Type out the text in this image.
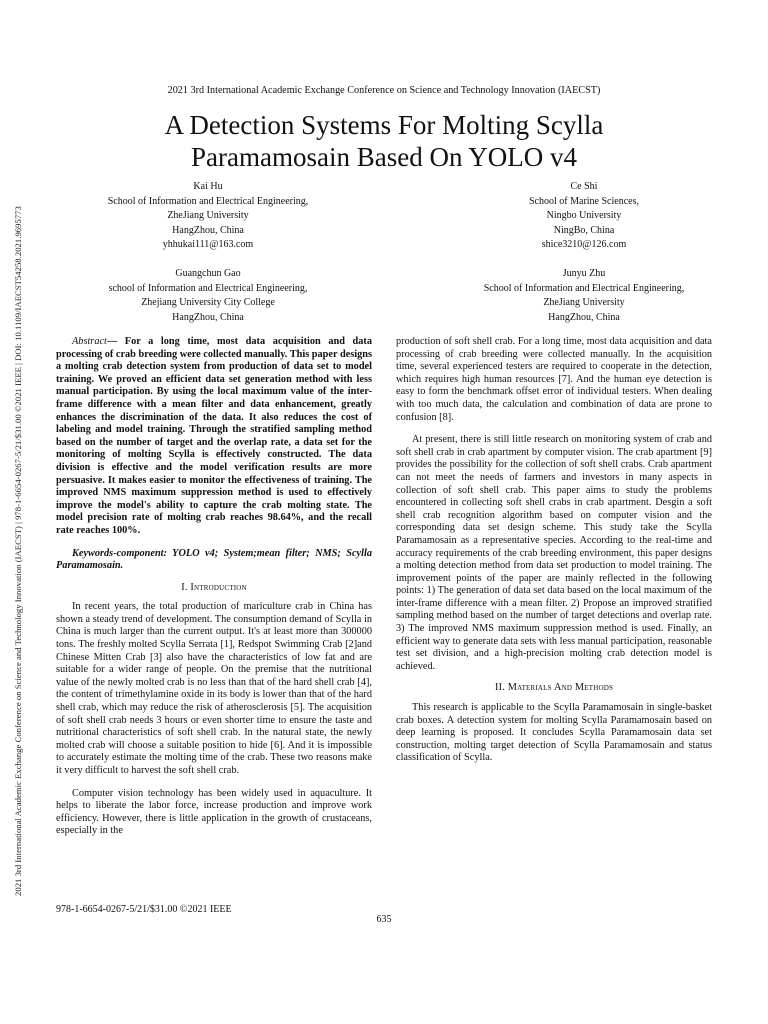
2021 3rd International Academic Exchange Conference on Science and Technology Innovation (IAECST) | 978-1-6654-0267-5/21/$31.00 ©2021 IEEE | DOI: 10.1109/IAECST54258.2021.9695773
2021 3rd International Academic Exchange Conference on Science and Technology Innovation (IAECST)
A Detection Systems For Molting Scylla
Paramamosain Based On YOLO v4
Kai Hu
School of Information and Electrical Engineering,
ZheJiang University
HangZhou, China
yhhukai111@163.com
Ce Shi
School of Marine Sciences,
Ningbo University
NingBo, China
shice3210@126.com
Guangchun Gao
school of Information and Electrical Engineering,
Zhejiang University City College
HangZhou, China
Junyu Zhu
School of Information and Electrical Engineering,
ZheJiang University
HangZhou, China

Abstract— For a long time, most data acquisition and data processing of crab breeding were collected manually. This paper designs a molting crab detection system from production of data set to model training. We proved an efficient data set generation method with less manual participation. By using the local maximum value of the inter-frame difference with a mean filter and data enhancement, greatly enhances the discrimination of the data. It also reduces the cost of labeling and model training. Through the stratified sampling method based on the number of target and the overlap rate, a data set for the monitoring of molting Scylla is effectively constructed. The data division is effective and the model verification results are more persuasive. It makes easier to monitor the effectiveness of training. The improved NMS maximum suppression method is used to effectively improve the model's ability to capture the crab molting state. The model precision rate of molting crab reaches 98.64%, and the recall rate reaches 100%.

Keywords-component: YOLO v4; System;mean filter; NMS; Scylla Paramamosain.

I. Introduction

In recent years, the total production of mariculture crab in China has shown a steady trend of development. The consumption demand of Scylla in China is much larger than the current output. It's at least more than 300000 tons. The freshly molted Scylla Serrata [1], Redspot Swimming Crab [2]and Chinese Mitten Crab [3] also have the characteristics of low fat and are suitable for a wider range of people. On the premise that the nutritional value of the newly molted crab is no less than that of the hard shell crab [4], the content of trimethylamine oxide in its body is lower than that of the hard shell crab, which may reduce the risk of atherosclerosis [5]. The acquisition of soft shell crab needs 3 hours or even shorter time to ensure the taste and nutritional characteristics of soft shell crab. In the natural state, the newly molted crab will choose a suitable position to hide [6]. And it is impossible to accurately estimate the molting time of the crab. These two reasons make it very difficult to harvest the soft shell crab.

Computer vision technology has been widely used in aquaculture. It helps to liberate the labor force, increase production and improve work efficiency. However, there is little application in the growth of crustaceans, especially in the

production of soft shell crab. For a long time, most data acquisition and data processing of crab breeding were collected manually. In the acquisition time, several experienced testers are required to cooperate in the detection, which requires high human resources [7]. And the human eye detection is easy to form the benchmark offset error of individual testers. When dealing with too much data, the calculation and combination of data are prone to confusion [8].

At present, there is still little research on monitoring system of crab and soft shell crab in crab apartment by computer vision. The crab apartment [9] provides the possibility for the collection of soft shell crabs. Crab apartment can not meet the needs of farmers and investors in many aspects in collection of soft shell crab. This paper aims to study the problems encountered in collecting soft shell crabs in crab apartment. Desgin a soft shell crab recognition algorithm based on computer vision and the corresponding data set design scheme. This study take the Scylla Paramamosain as a representative species. According to the real-time and accuracy requirements of the crab breeding environment, this paper designs a molting detection method from data set production to model training. The improvement points of the paper are mainly reflected in the following points: 1) The generation of data set data based on the local maximum of the inter-frame difference with a mean filter. 2) Propose an improved stratified sampling method based on the number of target detections and overlap rate. 3) The improved NMS maximum suppression method is used. Finally, an efficient way to generate data sets with less manual participation, reasonable test set division, and a high-precision molting crab detection model is achieved.

II. Materials And Methods

This research is applicable to the Scylla Paramamosain in single-basket crab boxes. A detection system for molting Scylla Paramamosain based on deep learning is proposed. It concludes Scylla Paramamosain data set construction, molting target detection of Scylla Paramamosain and status classification of Scylla.

978-1-6654-0267-5/21/$31.00 ©2021 IEEE
635
